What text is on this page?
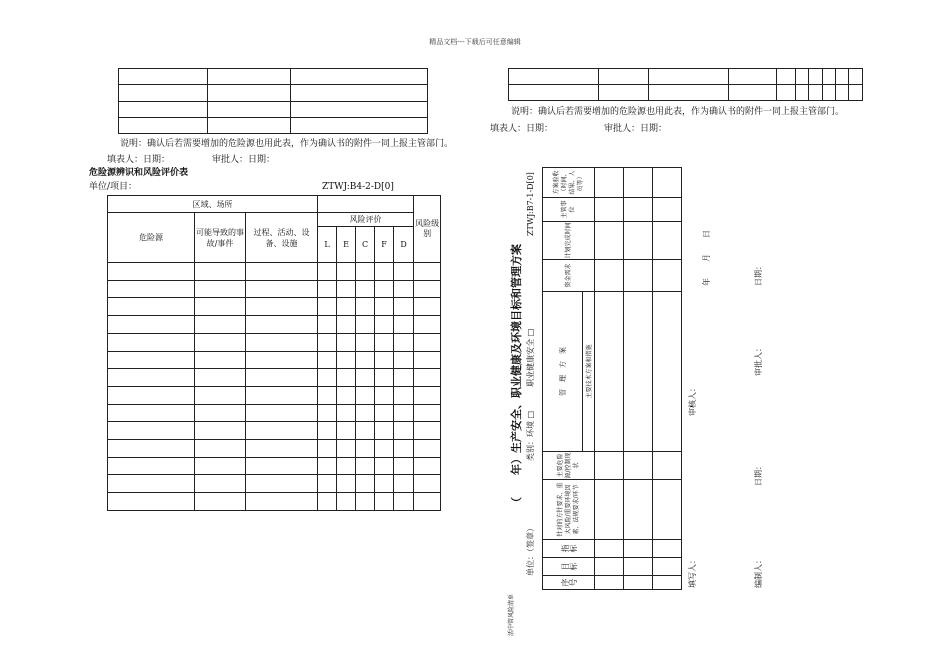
精品文档---下载后可任意编辑

说明：确认后若需要增加的危险源也用此表，作为确认书的附件一同上报主管部门。
填表人：日期：	审批人：日期：
危险源辨识和风险评价表
单位/项目：	ZTWJ:B4-2-D[0]
区域、场所								风险级别
危险源	可能导致的事故/事件	过程、活动、设备、设施	风险评价					
			L	E	C	F	D	

说明：确认后若需要增加的危险源也用此表，作为确认书的附件一同上报主管部门。
填表人：日期：	审批人：日期：
（　　年）生产安全、职业健康及环境目标和管理方案
ZTWJ:B7-1-D[0]
类别：环境 □　　　职业健康安全 □
单位：（签章）
活中管风险清单
序号	目标	指标	针对的方针要求、重大风险/重要环境因素、法规要求/环节	主要危险源/控制现状	管　理　方　案	资金需求	计划完成时间	主管事位	方案验收（时间、结果、人员等）
					主要技术方案和措施				

填写人：
审核人：
年　　月　　日
编制人：
日期：
审批人：
日期：
